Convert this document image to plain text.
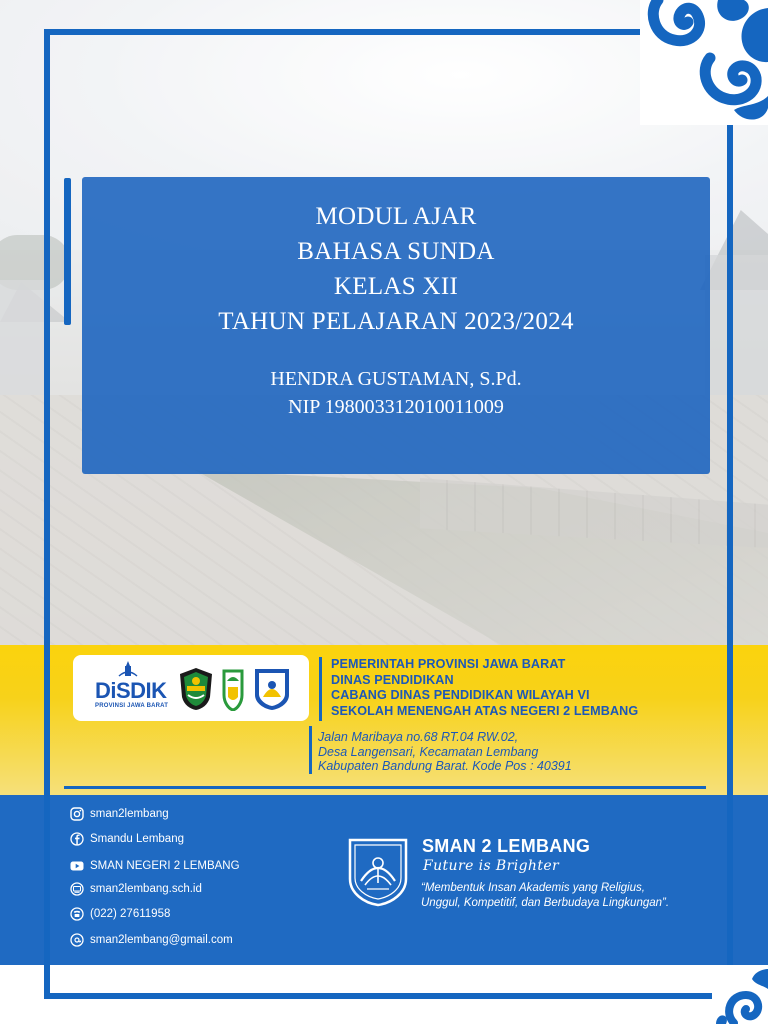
MODUL AJAR
BAHASA SUNDA
KELAS XII
TAHUN PELAJARAN 2023/2024
HENDRA GUSTAMAN, S.Pd.
NIP 198003312010011009
DiSDIK
PROVINSI JAWA BARAT
PEMERINTAH PROVINSI JAWA BARAT
DINAS PENDIDIKAN
CABANG DINAS PENDIDIKAN WILAYAH VI
SEKOLAH MENENGAH ATAS NEGERI 2 LEMBANG
Jalan Maribaya no.68 RT.04 RW.02,
Desa Langensari, Kecamatan Lembang
Kabupaten Bandung Barat. Kode Pos : 40391
sman2lembang
Smandu Lembang
SMAN NEGERI 2 LEMBANG
sman2lembang.sch.id
(022) 27611958
sman2lembang@gmail.com
SMAN 2 LEMBANG
Future is Brighter
“Membentuk Insan Akademis yang Religius,
Unggul, Kompetitif, dan Berbudaya Lingkungan”.
